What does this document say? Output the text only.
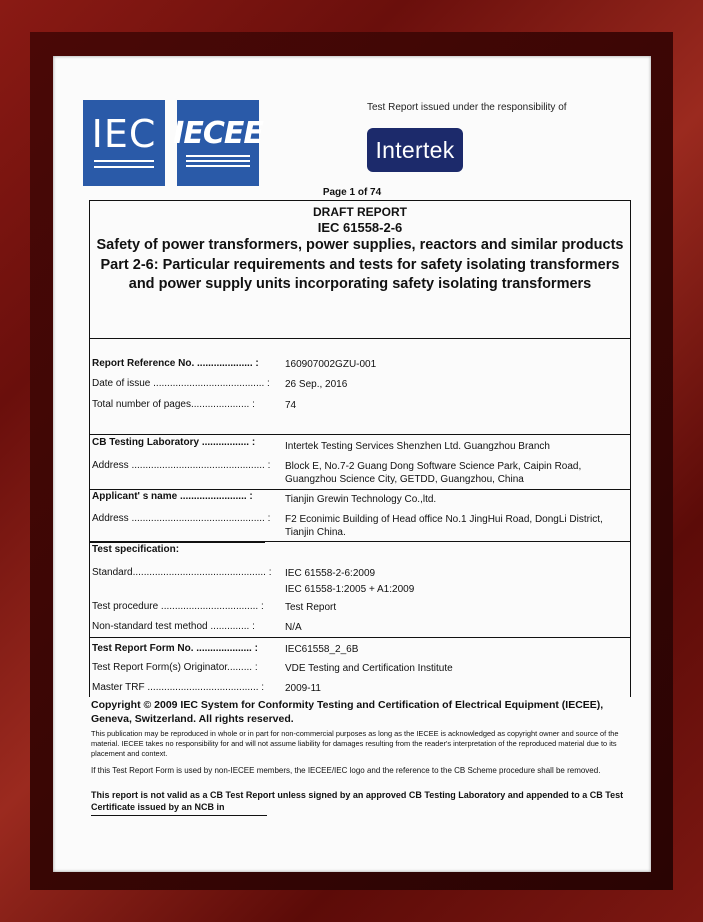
IEC IECEE
Test Report issued under the responsibility of
Intertek
Page 1 of 74
DRAFT REPORT
IEC 61558-2-6
Safety of power transformers, power supplies, reactors and similar products
Part 2-6: Particular requirements and tests for safety isolating transformers and power supply units incorporating safety isolating transformers
Report Reference No. .................... :	160907002GZU-001
Date of issue ........................................ : 26 Sep., 2016
Total number of pages..................... :	74
CB Testing Laboratory ................. :	Intertek Testing Services Shenzhen Ltd. Guangzhou Branch
Address ................................................ : Block E, No.7-2 Guang Dong Software Science Park, Caipin Road, Guangzhou Science City, GETDD, Guangzhou, China
Applicant' s name ........................ :	Tianjin Grewin Technology Co.,ltd.
Address ................................................ : F2 Econimic Building of Head office No.1 JingHui Road, DongLi District, Tianjin China.
Test specification:
Standard................................................ : IEC 61558-2-6:2009
IEC 61558-1:2005 + A1:2009
Test procedure ................................... : Test Report
Non-standard test method .............. :	N/A
Test Report Form No. .................... :	IEC61558_2_6B
Test Report Form(s) Originator......... :	VDE Testing and Certification Institute
Master TRF ........................................ : 2009-11
Copyright © 2009 IEC System for Conformity Testing and Certification of Electrical Equipment (IECEE), Geneva, Switzerland. All rights reserved.
This publication may be reproduced in whole or in part for non-commercial purposes as long as the IECEE is acknowledged as copyright owner and source of the material. IECEE takes no responsibility for and will not assume liability for damages resulting from the reader's interpretation of the reproduced material due to its placement and context.
If this Test Report Form is used by non-IECEE members, the IECEE/IEC logo and the reference to the CB Scheme procedure shall be removed.
This report is not valid as a CB Test Report unless signed by an approved CB Testing Laboratory and appended to a CB Test Certificate issued by an NCB in
